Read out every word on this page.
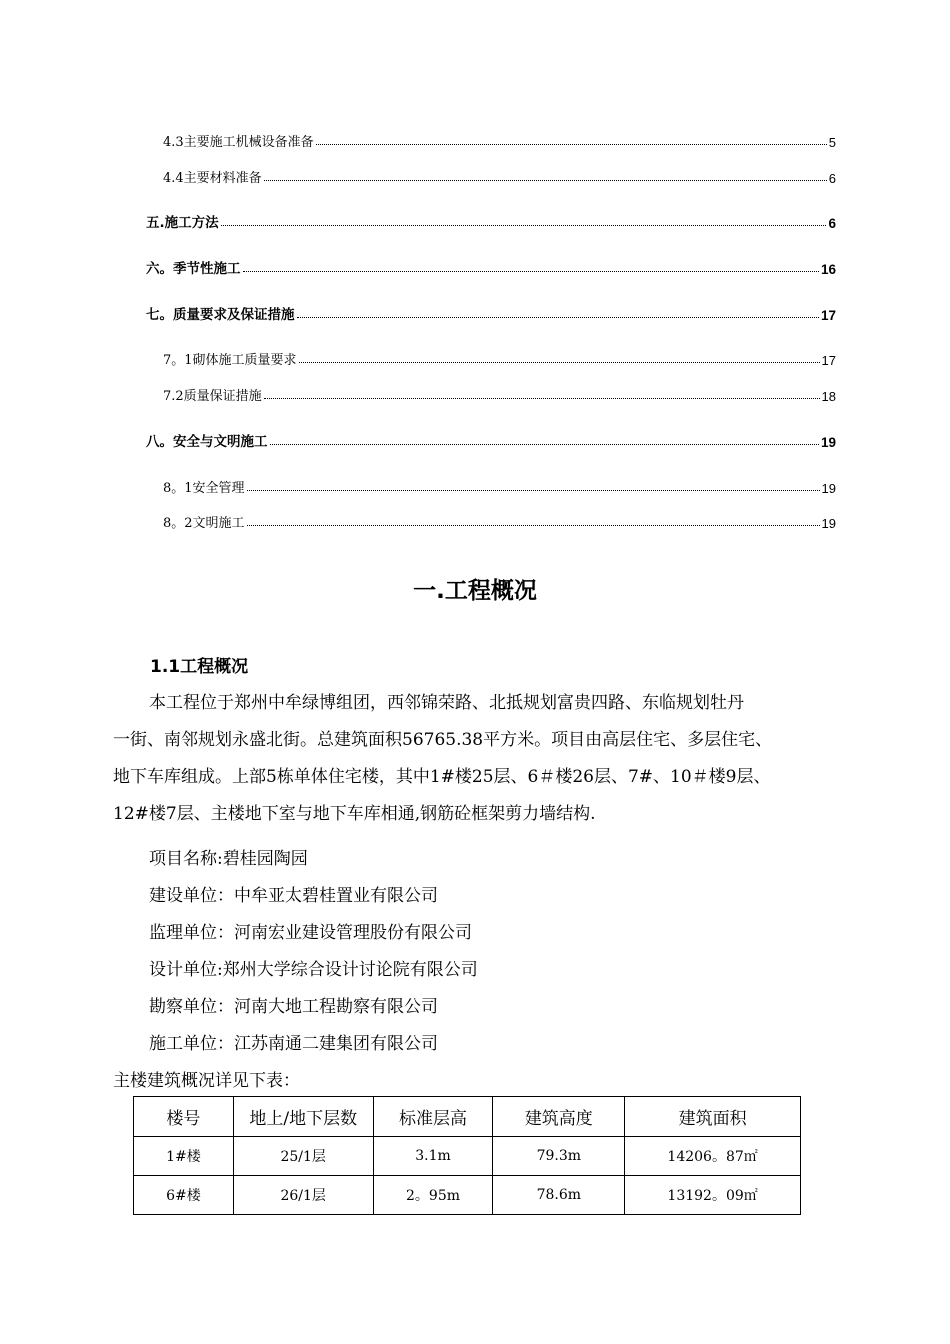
4.3主要施工机械设备准备	5
4.4主要材料准备	6
五.施工方法	6
六。季节性施工	16
七。质量要求及保证措施	17
7。1砌体施工质量要求	17
7.2质量保证措施	18
八。安全与文明施工	19
8。1安全管理	19
8。2文明施工	19
一.工程概况
1.1工程概况
本工程位于郑州中牟绿博组团，西邻锦荣路、北抵规划富贵四路、东临规划牡丹
一街、南邻规划永盛北街。总建筑面积56765.38平方米。项目由高层住宅、多层住宅、
地下车库组成。上部5栋单体住宅楼，其中1#楼25层、6＃楼26层、7#、10＃楼9层、
12#楼7层、主楼地下室与地下车库相通,钢筋砼框架剪力墙结构.
项目名称:碧桂园陶园
建设单位：中牟亚太碧桂置业有限公司
监理单位：河南宏业建设管理股份有限公司
设计单位:郑州大学综合设计讨论院有限公司
勘察单位：河南大地工程勘察有限公司
施工单位：江苏南通二建集团有限公司
主楼建筑概况详见下表：
楼号	地上/地下层数	标准层高	建筑高度	建筑面积
1#楼	25/1层	3.1m	79.3m	14206。87㎡
6#楼	26/1层	2。95m	78.6m	13192。09㎡
